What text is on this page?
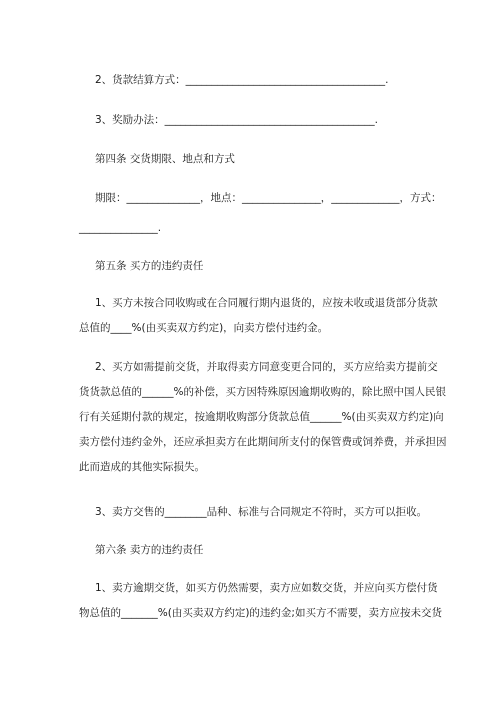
2、货款结算方式：______________________________________.
3、奖励办法：________________________________________.
第四条 交货期限、地点和方式
期限：______________，地点：_______________，_____________，方式：
_______________.
第五条 买方的违约责任
1、买方未按合同收购或在合同履行期内退货的，应按未收或退货部分货款
总值的____%(由买卖双方约定)，向卖方偿付违约金。
2、买方如需提前交货，并取得卖方同意变更合同的，买方应给卖方提前交
货货款总值的______%的补偿，买方因特殊原因逾期收购的，除比照中国人民银
行有关延期付款的规定，按逾期收购部分货款总值______%(由买卖双方约定)向
卖方偿付违约金外，还应承担卖方在此期间所支付的保管费或饲养费，并承担因
此而造成的其他实际损失。
3、卖方交售的________品种、标准与合同规定不符时，买方可以拒收。
第六条 卖方的违约责任
1、卖方逾期交货，如买方仍然需要，卖方应如数交货，并应向买方偿付货
物总值的_______%(由买卖双方约定)的违约金;如买方不需要，卖方应按未交货
